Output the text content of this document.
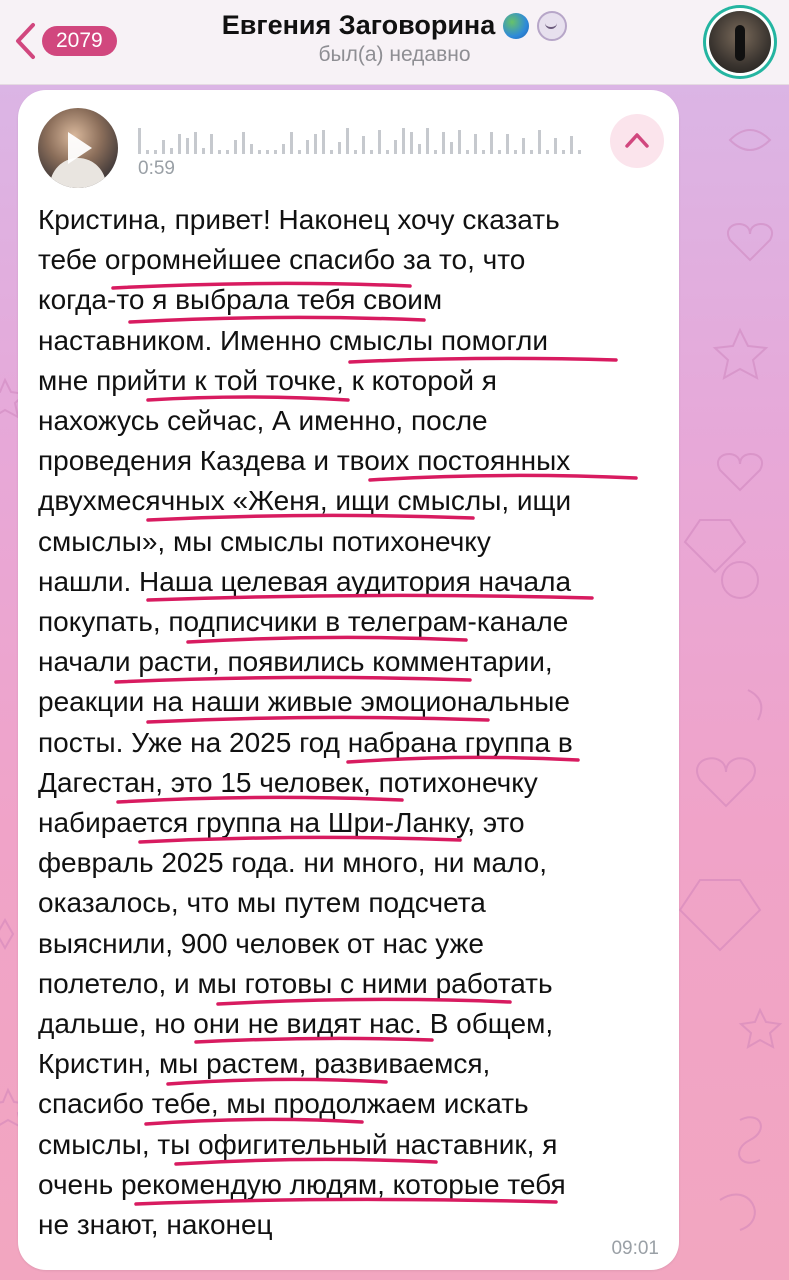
2079
Евгения Заговорина
был(а) недавно
0:59
Кристина, привет! Наконец хочу сказать
тебе огромнейшее спасибо за то, что
когда-то я выбрала тебя своим
наставником. Именно смыслы помогли
мне прийти к той точке, к которой я
нахожусь сейчас, А именно, после
проведения Каздева и твоих постоянных
двухмесячных «Женя, ищи смыслы, ищи
смыслы», мы смыслы потихонечку
нашли. Наша целевая аудитория начала
покупать, подписчики в телеграм-канале
начали расти, появились комментарии,
реакции на наши живые эмоциональные
посты. Уже на 2025 год набрана группа в
Дагестан, это 15 человек, потихонечку
набирается группа на Шри-Ланку, это
февраль 2025 года. ни много, ни мало,
оказалось, что мы путем подсчета
выяснили, 900 человек от нас уже
полетело, и мы готовы с ними работать
дальше, но они не видят нас. В общем,
Кристин, мы растем, развиваемся,
спасибо тебе, мы продолжаем искать
смыслы, ты офигительный наставник, я
очень рекомендую людям, которые тебя
не знают, наконец
09:01
